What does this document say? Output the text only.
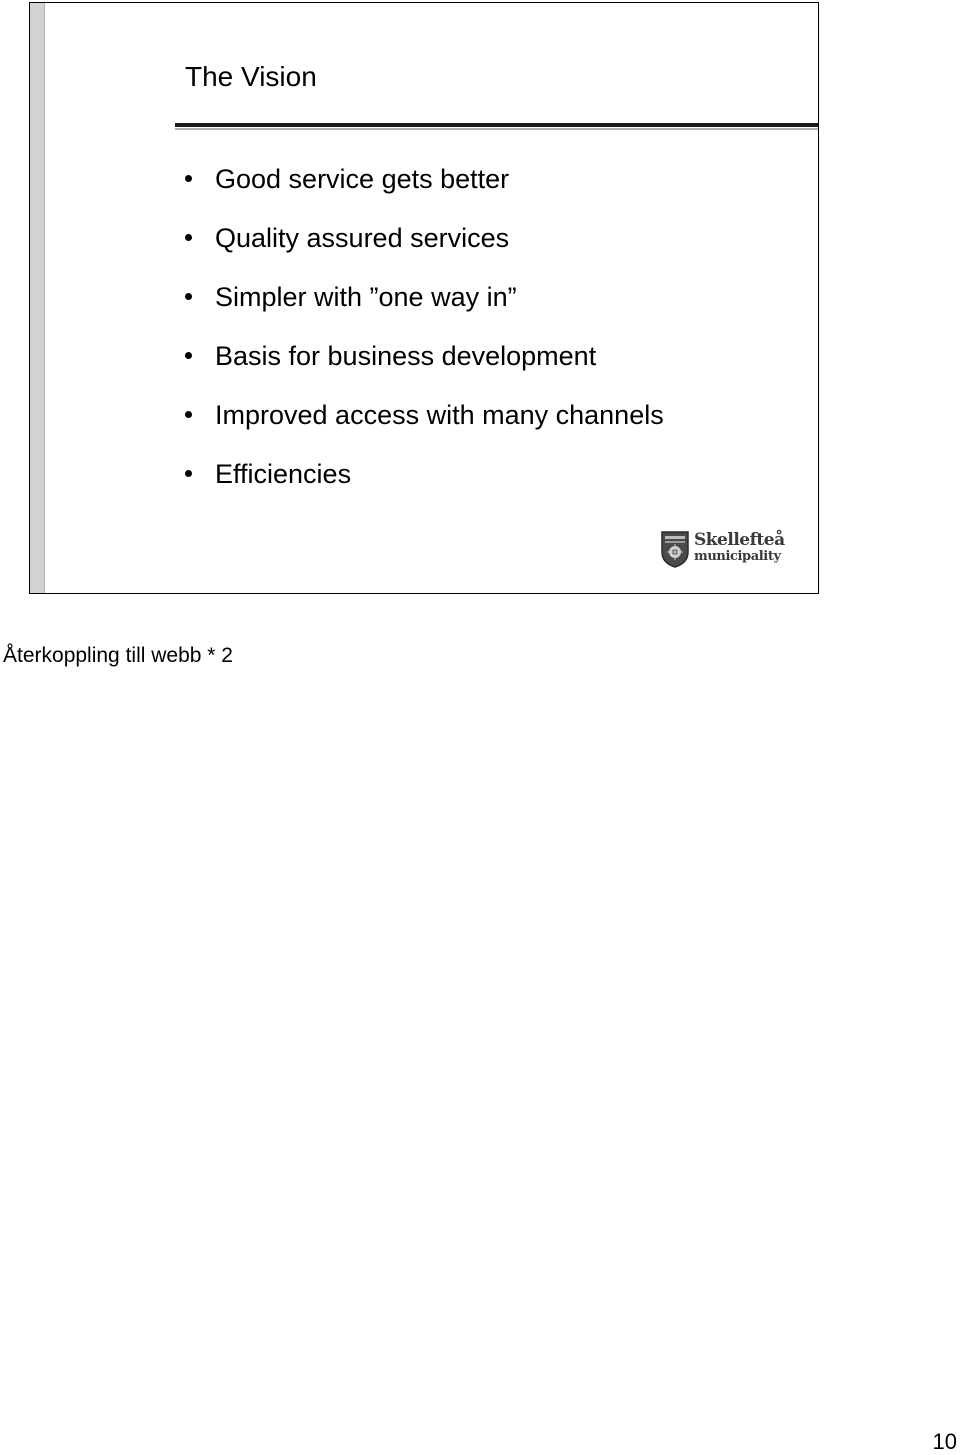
The Vision
Good service gets better
Quality assured services
Simpler with ”one way in”
Basis for business development
Improved access with many channels
Efficiencies
Skellefteå
municipality
Återkoppling till webb * 2
10
